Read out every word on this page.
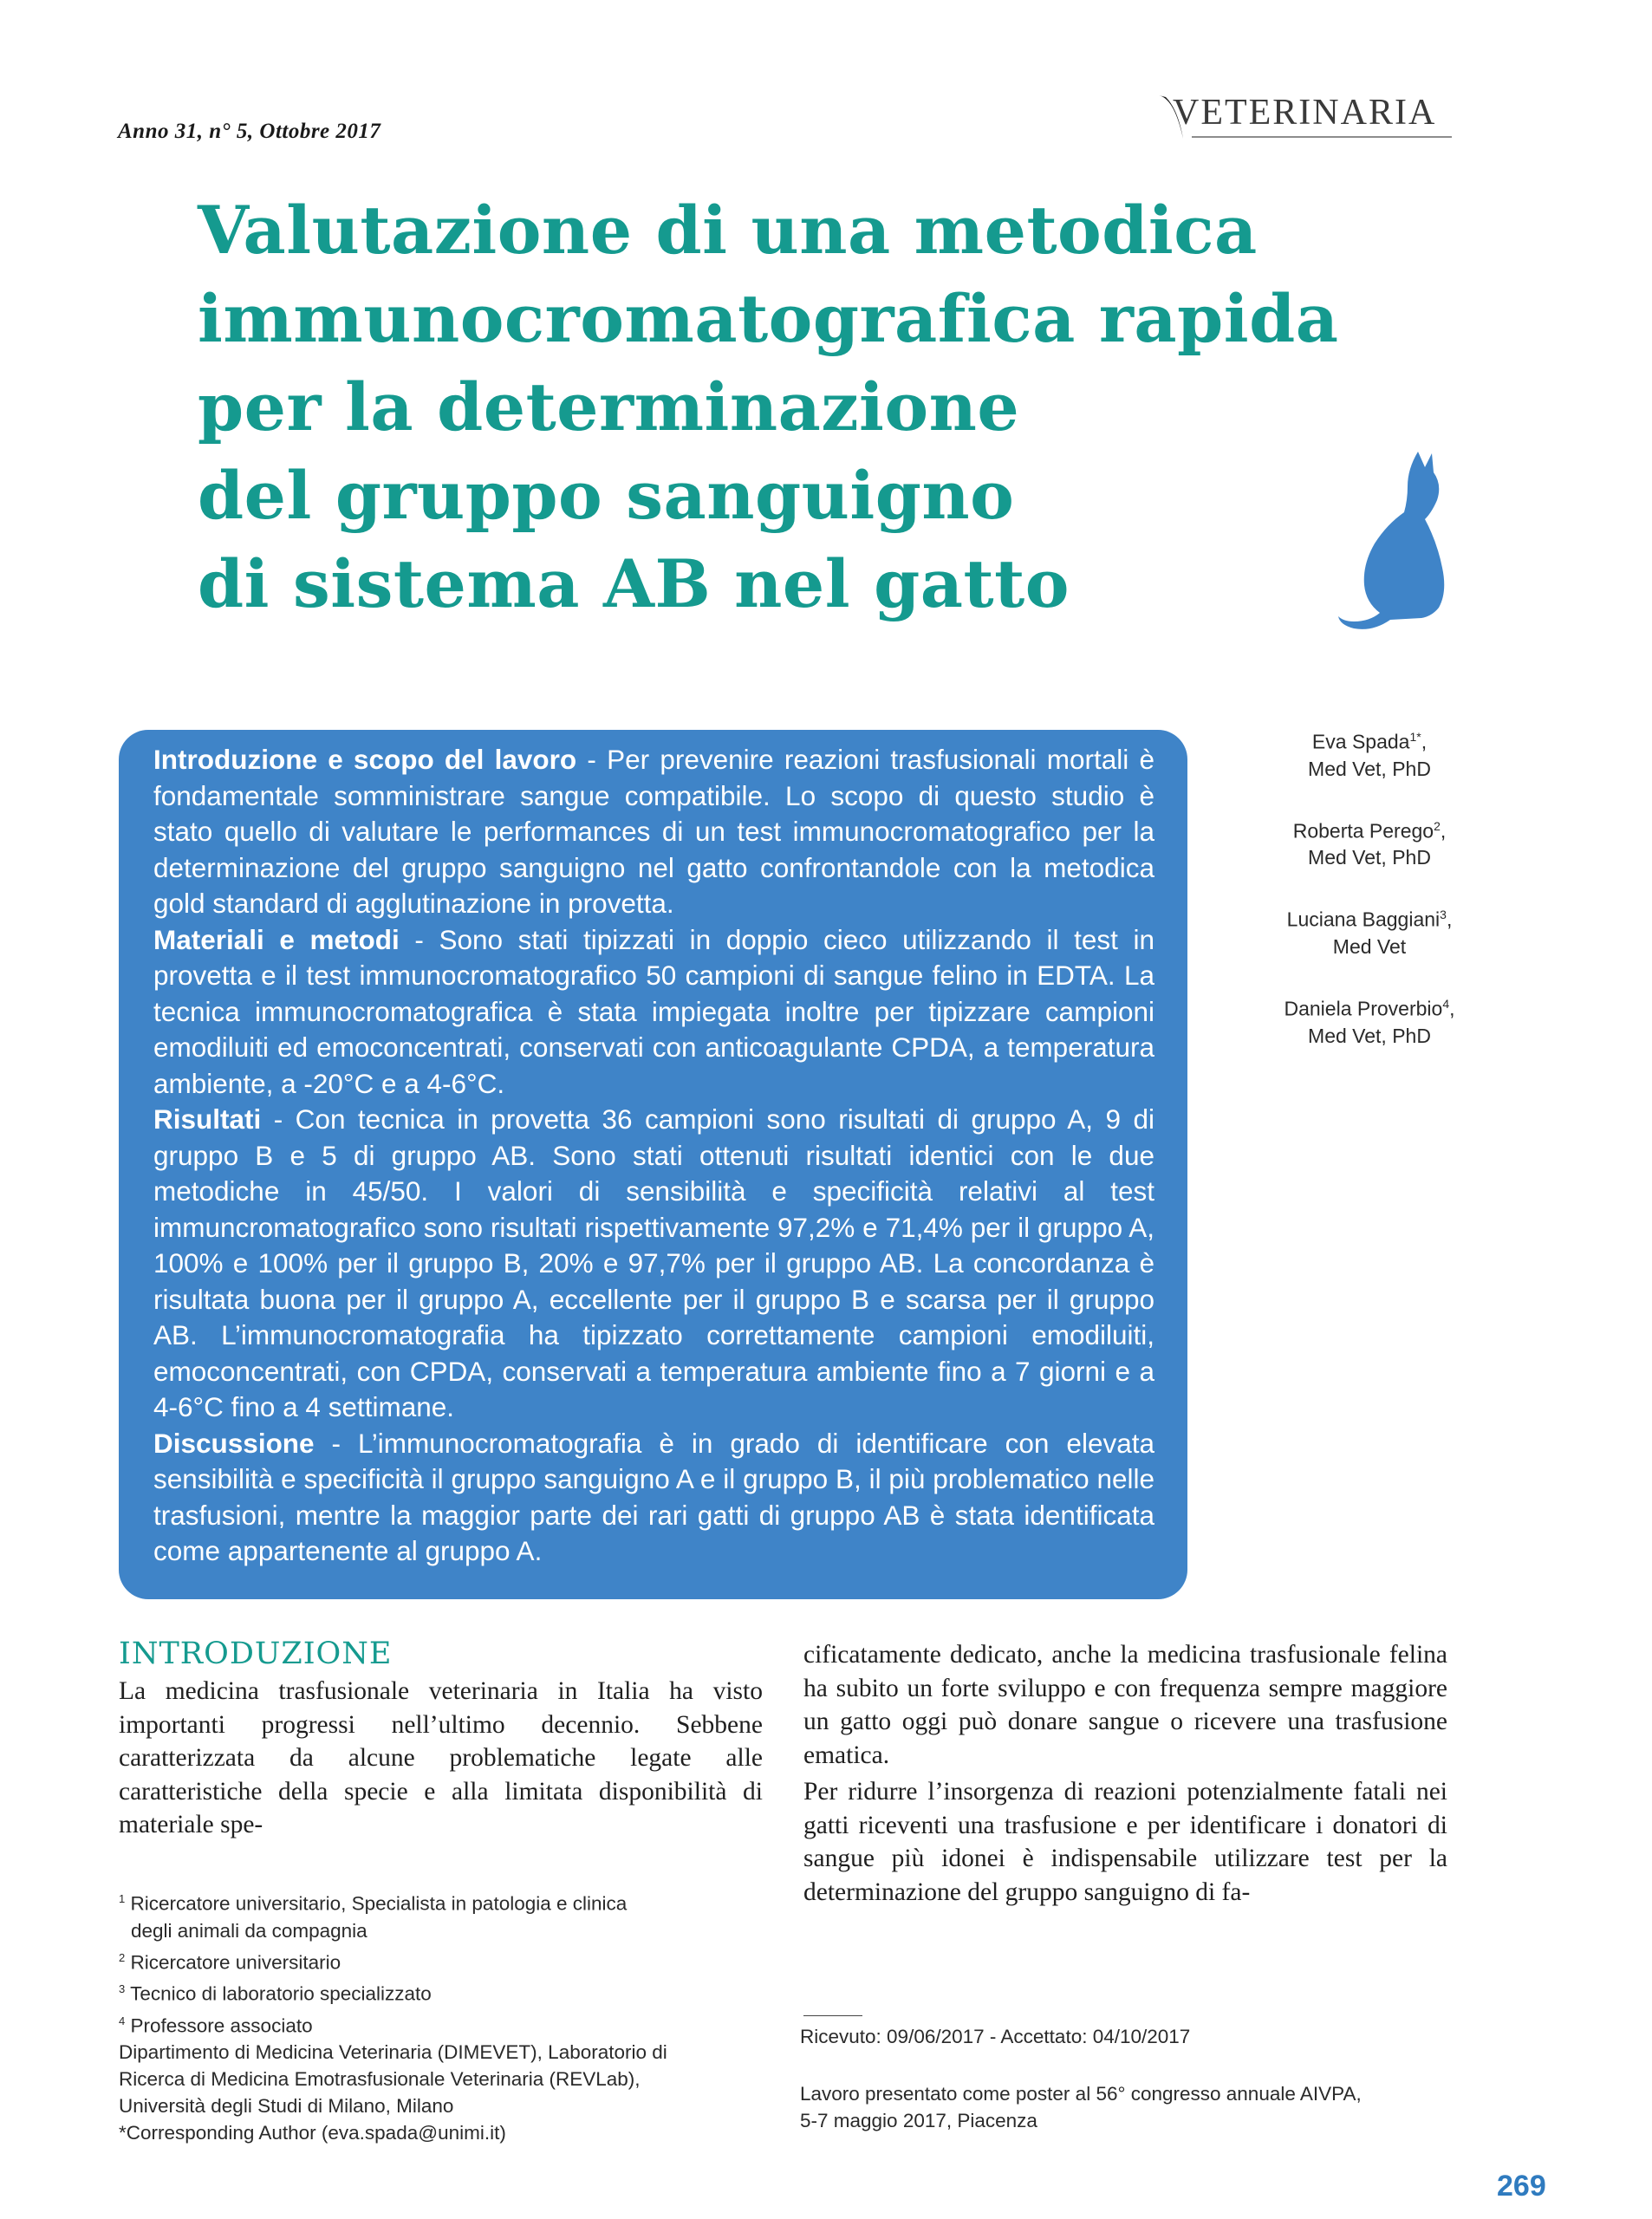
Anno 31, n° 5, Ottobre 2017	VETERINARIA
Valutazione di una metodica
immunocromatografica rapida
per la determinazione
del gruppo sanguigno
di sistema AB nel gatto

Introduzione e scopo del lavoro - Per prevenire reazioni trasfusionali mortali è fondamentale somministrare sangue compatibile. Lo scopo di questo studio è stato quello di valutare le performances di un test immunocromatografico per la determinazione del gruppo sanguigno nel gatto confrontandole con la metodica gold standard di agglutinazione in provetta.

Materiali e metodi - Sono stati tipizzati in doppio cieco utilizzando il test in provetta e il test immunocromatografico 50 campioni di sangue felino in EDTA. La tecnica immunocromatografica è stata impiegata inoltre per tipizzare campioni emodiluiti ed emoconcentrati, conservati con anticoagulante CPDA, a temperatura ambiente, a -20°C e a 4-6°C.

Risultati - Con tecnica in provetta 36 campioni sono risultati di gruppo A, 9 di gruppo B e 5 di gruppo AB. Sono stati ottenuti risultati identici con le due metodiche in 45/50. I valori di sensibilità e specificità relativi al test immuncromatografico sono risultati rispettivamente 97,2% e 71,4% per il gruppo A, 100% e 100% per il gruppo B, 20% e 97,7% per il gruppo AB. La concordanza è risultata buona per il gruppo A, eccellente per il gruppo B e scarsa per il gruppo AB. L’immunocromatografia ha tipizzato correttamente campioni emodiluiti, emoconcentrati, con CPDA, conservati a temperatura ambiente fino a 7 giorni e a 4-6°C fino a 4 settimane.

Discussione - L’immunocromatografia è in grado di identificare con elevata sensibilità e specificità il gruppo sanguigno A e il gruppo B, il più problematico nelle trasfusioni, mentre la maggior parte dei rari gatti di gruppo AB è stata identificata come appartenente al gruppo A.

Eva Spada$^{1*}$,
Med Vet, PhD
Roberta Perego$^2$,
Med Vet, PhD
Luciana Baggiani$^3$,
Med Vet
Daniela Proverbio$^4$,
Med Vet, PhD
INTRODUZIONE

La medicina trasfusionale veterinaria in Italia ha visto importanti progressi nell’ultimo decennio. Sebbene caratterizzata da alcune problematiche legate alle caratteristiche della specie e alla limitata disponibilità di materiale spe-

cificatamente dedicato, anche la medicina trasfusionale felina ha subito un forte sviluppo e con frequenza sempre maggiore un gatto oggi può donare sangue o ricevere una trasfusione ematica.

Per ridurre l’insorgenza di reazioni potenzialmente fatali nei gatti riceventi una trasfusione e per identificare i donatori di sangue più idonei è indispensabile utilizzare test per la determinazione del gruppo sanguigno di fa-

$^1$ Ricercatore universitario, Specialista in patologia e clinica
degli animali da compagnia
$^2$ Ricercatore universitario
$^3$ Tecnico di laboratorio specializzato
$^4$ Professore associato
Dipartimento di Medicina Veterinaria (DIMEVET), Laboratorio di
Ricerca di Medicina Emotrasfusionale Veterinaria (REVLab),
Università degli Studi di Milano, Milano
*Corresponding Author (eva.spada@unimi.it)
Ricevuto: 09/06/2017 - Accettato: 04/10/2017
Lavoro presentato come poster al 56° congresso annuale AIVPA,
5-7 maggio 2017, Piacenza
269
